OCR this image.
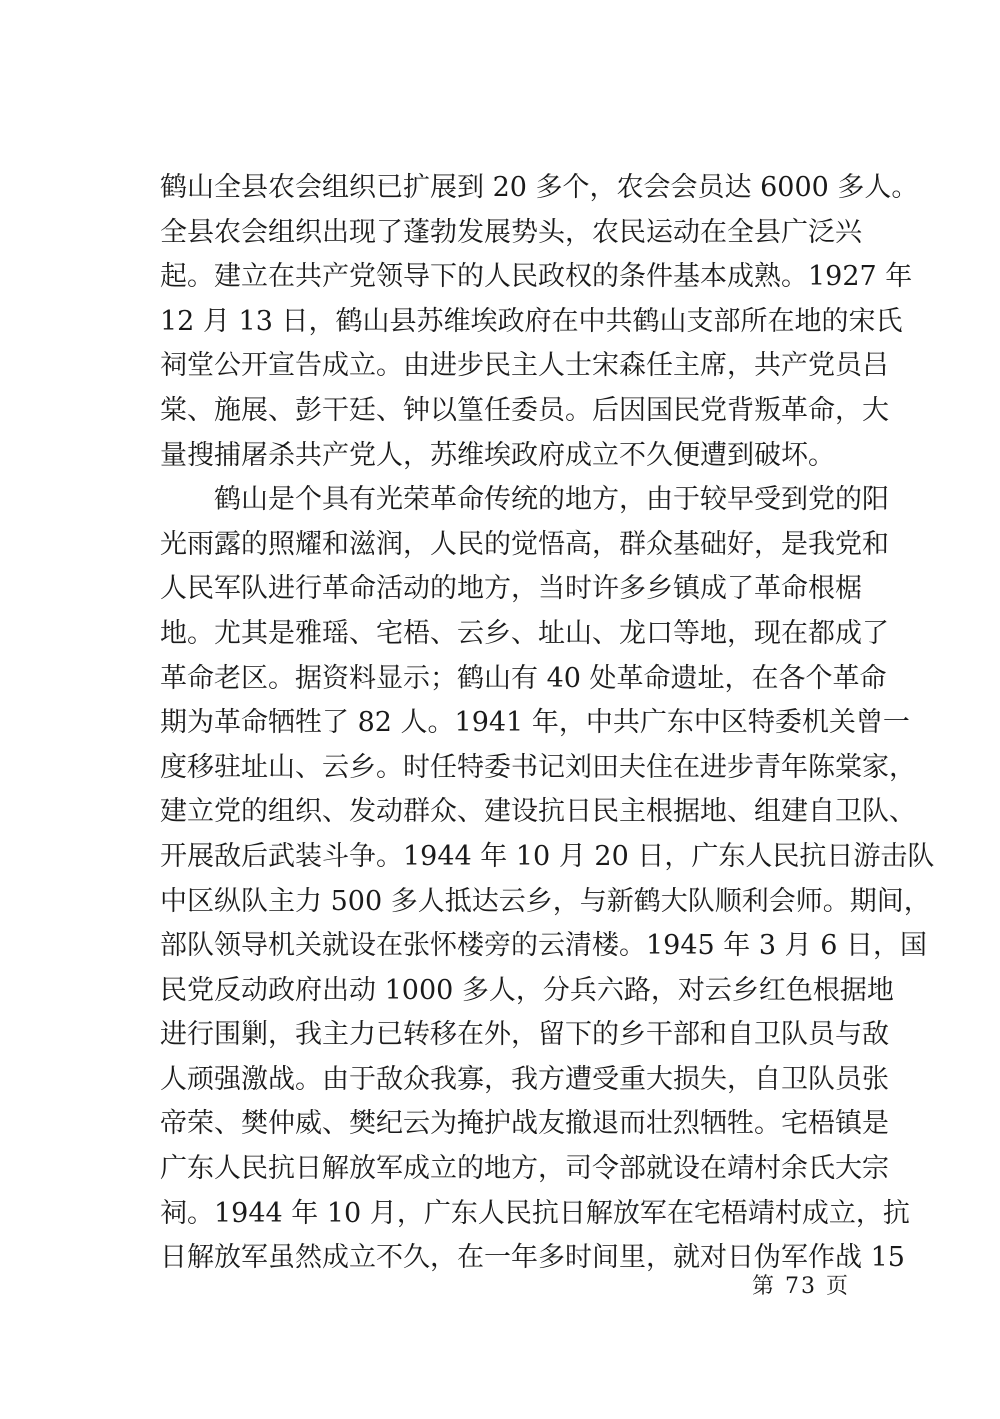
鹤山全县农会组织已扩展到 20 多个，农会会员达 6000 多人。
全县农会组织出现了蓬勃发展势头，农民运动在全县广泛兴
起。建立在共产党领导下的人民政权的条件基本成熟。1927 年
12 月 13 日，鹤山县苏维埃政府在中共鹤山支部所在地的宋氏
祠堂公开宣告成立。由进步民主人士宋森任主席，共产党员吕
棠、施展、彭干廷、钟以篁任委员。后因国民党背叛革命，大
量搜捕屠杀共产党人，苏维埃政府成立不久便遭到破坏。
鹤山是个具有光荣革命传统的地方，由于较早受到党的阳
光雨露的照耀和滋润，人民的觉悟高，群众基础好，是我党和
人民军队进行革命活动的地方，当时许多乡镇成了革命根椐
地。尤其是雅瑶、宅梧、云乡、址山、龙口等地，现在都成了
革命老区。据资料显示；鹤山有 40 处革命遗址，在各个革命
期为革命牺牲了 82 人。1941 年，中共广东中区特委机关曾一
度移驻址山、云乡。时任特委书记刘田夫住在进步青年陈棠家，
建立党的组织、发动群众、建设抗日民主根据地、组建自卫队、
开展敌后武装斗争。1944 年 10 月 20 日，广东人民抗日游击队
中区纵队主力 500 多人抵达云乡，与新鹤大队顺利会师。期间，
部队领导机关就设在张怀楼旁的云清楼。1945 年 3 月 6 日，国
民党反动政府出动 1000 多人，分兵六路，对云乡红色根据地
进行围剿，我主力已转移在外，留下的乡干部和自卫队员与敌
人顽强激战。由于敌众我寡，我方遭受重大损失，自卫队员张
帝荣、樊仲威、樊纪云为掩护战友撤退而壮烈牺牲。宅梧镇是
广东人民抗日解放军成立的地方，司令部就设在靖村余氏大宗
祠。1944 年 10 月，广东人民抗日解放军在宅梧靖村成立，抗
日解放军虽然成立不久，在一年多时间里，就对日伪军作战 15
第 73 页
